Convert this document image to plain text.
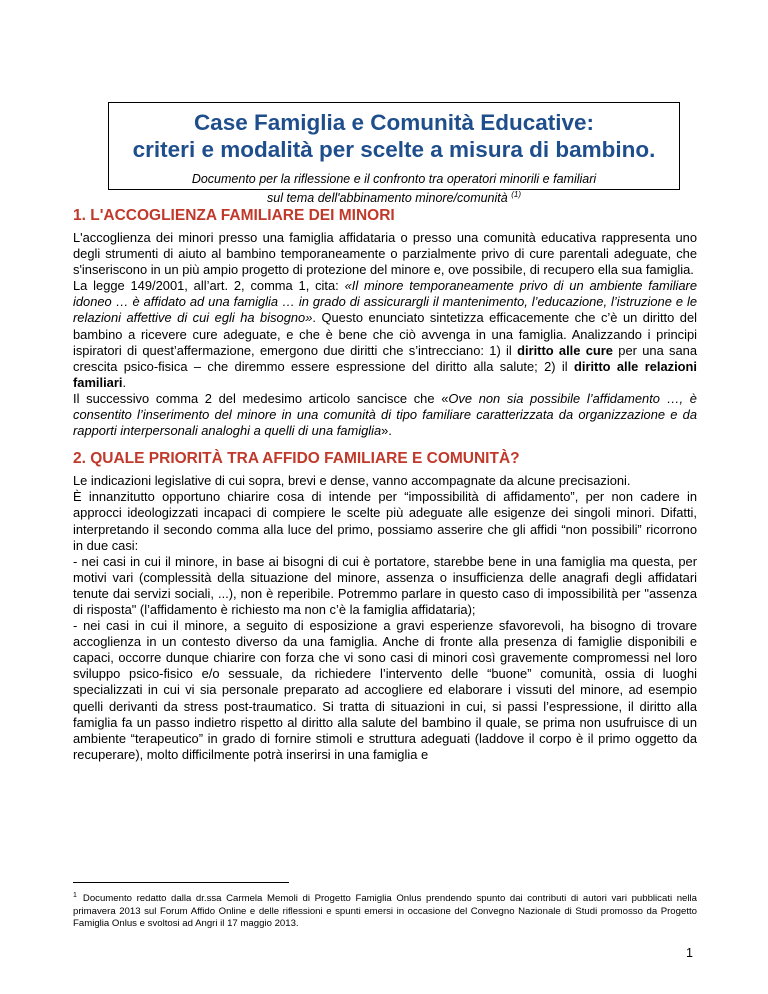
Case Famiglia e Comunità Educative:
criteri e modalità per scelte a misura di bambino.

Documento per la riflessione e il confronto tra operatori minorili e familiari
sul tema dell'abbinamento minore/comunità $^{(1)}$

1. L'ACCOGLIENZA FAMILIARE DEI MINORI

L'accoglienza dei minori presso una famiglia affidataria o presso una comunità educativa rappresenta uno degli strumenti di aiuto al bambino temporaneamente o parzialmente privo di cure parentali adeguate, che s'inseriscono in un più ampio progetto di protezione del minore e, ove possibile, di recupero ella sua famiglia.

La legge 149/2001, all’art. 2, comma 1, cita: «Il minore temporaneamente privo di un ambiente familiare idoneo … è affidato ad una famiglia … in grado di assicurargli il mantenimento, l’educazione, l’istruzione e le relazioni affettive di cui egli ha bisogno». Questo enunciato sintetizza efficacemente che c’è un diritto del bambino a ricevere cure adeguate, e che è bene che ciò avvenga in una famiglia. Analizzando i principi ispiratori di quest’affermazione, emergono due diritti che s’intrecciano: 1) il diritto alle cure per una sana crescita psico-fisica – che diremmo essere espressione del diritto alla salute; 2) il diritto alle relazioni familiari.

Il successivo comma 2 del medesimo articolo sancisce che «Ove non sia possibile l’affidamento …, è consentito l’inserimento del minore in una comunità di tipo familiare caratterizzata da organizzazione e da rapporti interpersonali analoghi a quelli di una famiglia».

2. QUALE PRIORITÀ TRA AFFIDO FAMILIARE E COMUNITÀ?

Le indicazioni legislative di cui sopra, brevi e dense, vanno accompagnate da alcune precisazioni.

È innanzitutto opportuno chiarire cosa di intende per “impossibilità di affidamento”, per non cadere in approcci ideologizzati incapaci di compiere le scelte più adeguate alle esigenze dei singoli minori. Difatti, interpretando il secondo comma alla luce del primo, possiamo asserire che gli affidi “non possibili” ricorrono in due casi:

- nei casi in cui il minore, in base ai bisogni di cui è portatore, starebbe bene in una famiglia ma questa, per motivi vari (complessità della situazione del minore, assenza o insufficienza delle anagrafi degli affidatari tenute dai servizi sociali, ...), non è reperibile. Potremmo parlare in questo caso di impossibilità per "assenza di risposta" (l’affidamento è richiesto ma non c’è la famiglia affidataria);

- nei casi in cui il minore, a seguito di esposizione a gravi esperienze sfavorevoli, ha bisogno di trovare accoglienza in un contesto diverso da una famiglia. Anche di fronte alla presenza di famiglie disponibili e capaci, occorre dunque chiarire con forza che vi sono casi di minori così gravemente compromessi nel loro sviluppo psico-fisico e/o sessuale, da richiedere l’intervento delle “buone” comunità, ossia di luoghi specializzati in cui vi sia personale preparato ad accogliere ed elaborare i vissuti del minore, ad esempio quelli derivanti da stress post-traumatico. Si tratta di situazioni in cui, si passi l’espressione, il diritto alla famiglia fa un passo indietro rispetto al diritto alla salute del bambino il quale, se prima non usufruisce di un ambiente “terapeutico” in grado di fornire stimoli e struttura adeguati (laddove il corpo è il primo oggetto da recuperare), molto difficilmente potrà inserirsi in una famiglia e

$^1$ Documento redatto dalla dr.ssa Carmela Memoli di Progetto Famiglia Onlus prendendo spunto dai contributi di autori vari pubblicati nella primavera 2013 sul Forum Affido Online e delle riflessioni e spunti emersi in occasione del Convegno Nazionale di Studi promosso da Progetto Famiglia Onlus e svoltosi ad Angri il 17 maggio 2013.
1
